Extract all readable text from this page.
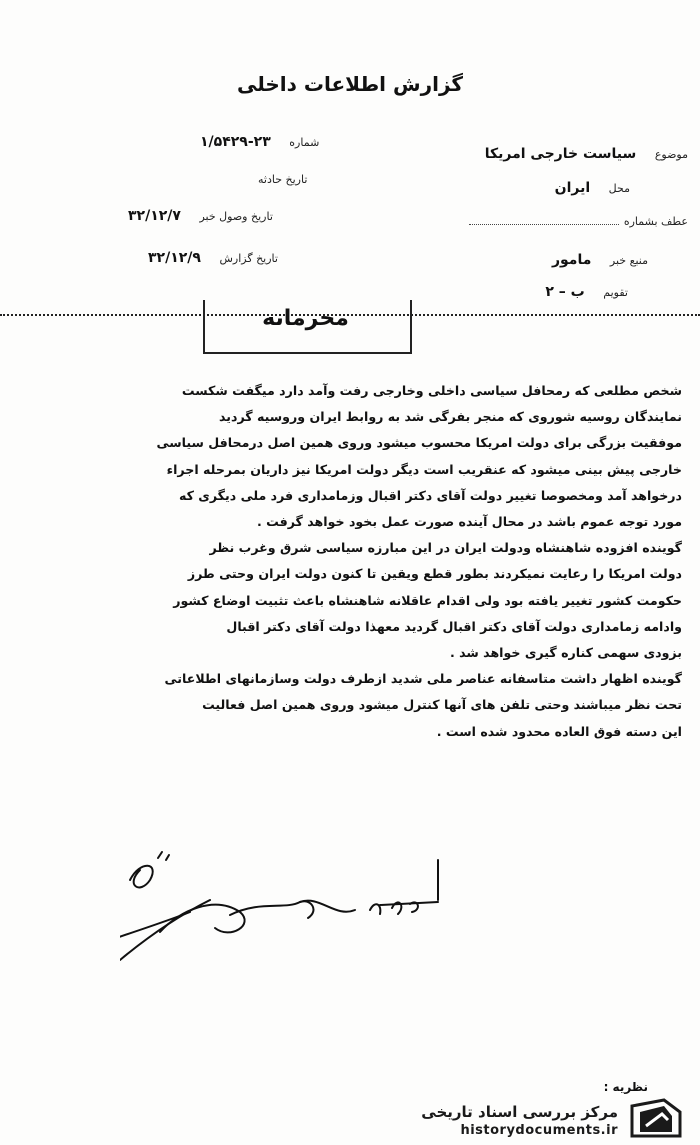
گزارش اطلاعات داخلی
شماره ۲۳-۱/۵۴۲۹
تاریخ حادثه
تاریخ وصول خبر ۳۲/۱۲/۷
تاریخ گزارش ۳۲/۱۲/۹
موضوع سیاست خارجی امریکا
محل ایران
عطف بشماره
منبع خبر مامور
تقویم ب – ۲
محرمانه
شخص مطلعی که رمحافل سیاسی داخلی وخارجی رفت وآمد دارد میگفت شکست
نمایندگان روسیه شوروی که منجر بفرگی شد به روابط ایران وروسیه گردید
موفقیت بزرگی برای دولت امریکا محسوب میشود وروی همین اصل درمحافل سیاسی
خارجی پیش بینی میشود که عنقریب است دیگر دولت امریکا نیز داریان بمرحله اجراء
درخواهد آمد ومخصوصا تغییر دولت آقای دکتر اقبال وزمامداری فرد ملی دیگری که
مورد توجه عموم باشد در محال آینده صورت عمل بخود خواهد گرفت .
گوینده افزوده شاهنشاه ودولت ایران در این مبارزه سیاسی شرق وغرب نظر
دولت امریکا را رعایت نمیکردند بطور قطع ویقین تا کنون دولت ایران وحتی طرز
حکومت کشور تغییر یافته بود ولی اقدام عاقلانه شاهنشاه باعث تثبیت اوضاع کشور
وادامه زمامداری دولت آقای دکتر اقبال گردید معهذا دولت آقای دکتر اقبال
بزودی سهمی کناره گیری خواهد شد .
گوینده اظهار داشت متاسفانه عناصر ملی شدید ازطرف دولت وسازمانهای اطلاعاتی
تحت نظر میباشند وحتی تلفن های آنها کنترل میشود وروی همین اصل فعالیت
این دسته فوق العاده محدود شده است .
نظریه :
مرکز بررسی اسناد تاریخی
historydocuments.ir
